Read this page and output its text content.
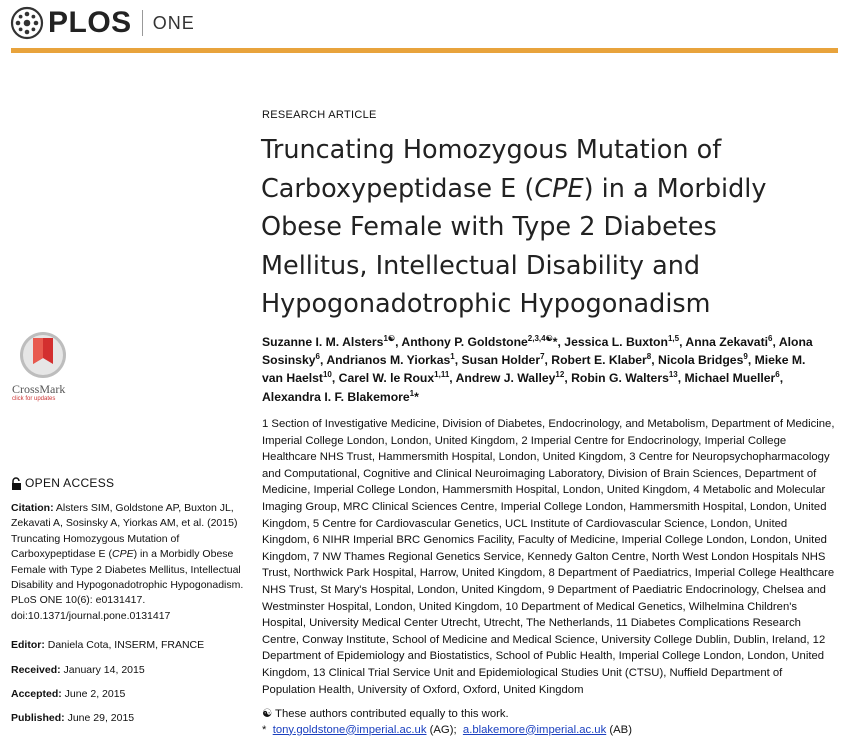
PLOS ONE
CrossMark
click for updates
OPEN ACCESS

Citation: Alsters SIM, Goldstone AP, Buxton JL, Zekavati A, Sosinsky A, Yiorkas AM, et al. (2015) Truncating Homozygous Mutation of Carboxypeptidase E (CPE) in a Morbidly Obese Female with Type 2 Diabetes Mellitus, Intellectual Disability and Hypogonadotrophic Hypogonadism. PLoS ONE 10(6): e0131417. doi:10.1371/journal.pone.0131417

Editor: Daniela Cota, INSERM, FRANCE

Received: January 14, 2015

Accepted: June 2, 2015

Published: June 29, 2015

RESEARCH ARTICLE
Truncating Homozygous Mutation of Carboxypeptidase E (CPE) in a Morbidly Obese Female with Type 2 Diabetes Mellitus, Intellectual Disability and Hypogonadotrophic Hypogonadism

Suzanne I. M. Alsters$^{1☯}$, Anthony P. Goldstone$^{2,3,4☯}$*, Jessica L. Buxton$^{1,5}$, Anna Zekavati$^6$, Alona Sosinsky$^6$, Andrianos M. Yiorkas$^1$, Susan Holder$^7$, Robert E. Klaber$^8$, Nicola Bridges$^9$, Mieke M. van Haelst$^{10}$, Carel W. le Roux$^{1,11}$, Andrew J. Walley$^{12}$, Robin G. Walters$^{13}$, Michael Mueller$^6$, Alexandra I. F. Blakemore$^1$*

1 Section of Investigative Medicine, Division of Diabetes, Endocrinology, and Metabolism, Department of Medicine, Imperial College London, London, United Kingdom, 2 Imperial Centre for Endocrinology, Imperial College Healthcare NHS Trust, Hammersmith Hospital, London, United Kingdom, 3 Centre for Neuropsychopharmacology and Computational, Cognitive and Clinical Neuroimaging Laboratory, Division of Brain Sciences, Department of Medicine, Imperial College London, Hammersmith Hospital, London, United Kingdom, 4 Metabolic and Molecular Imaging Group, MRC Clinical Sciences Centre, Imperial College London, Hammersmith Hospital, London, United Kingdom, 5 Centre for Cardiovascular Genetics, UCL Institute of Cardiovascular Science, London, United Kingdom, 6 NIHR Imperial BRC Genomics Facility, Faculty of Medicine, Imperial College London, London, United Kingdom, 7 NW Thames Regional Genetics Service, Kennedy Galton Centre, North West London Hospitals NHS Trust, Northwick Park Hospital, Harrow, United Kingdom, 8 Department of Paediatrics, Imperial College Healthcare NHS Trust, St Mary's Hospital, London, United Kingdom, 9 Department of Paediatric Endocrinology, Chelsea and Westminster Hospital, London, United Kingdom, 10 Department of Medical Genetics, Wilhelmina Children's Hospital, University Medical Center Utrecht, Utrecht, The Netherlands, 11 Diabetes Complications Research Centre, Conway Institute, School of Medicine and Medical Science, University College Dublin, Dublin, Ireland, 12 Department of Epidemiology and Biostatistics, School of Public Health, Imperial College London, London, United Kingdom, 13 Clinical Trial Service Unit and Epidemiological Studies Unit (CTSU), Nuffield Department of Population Health, University of Oxford, Oxford, United Kingdom

☯ These authors contributed equally to this work.

* tony.goldstone@imperial.ac.uk (AG); a.blakemore@imperial.ac.uk (AB)
